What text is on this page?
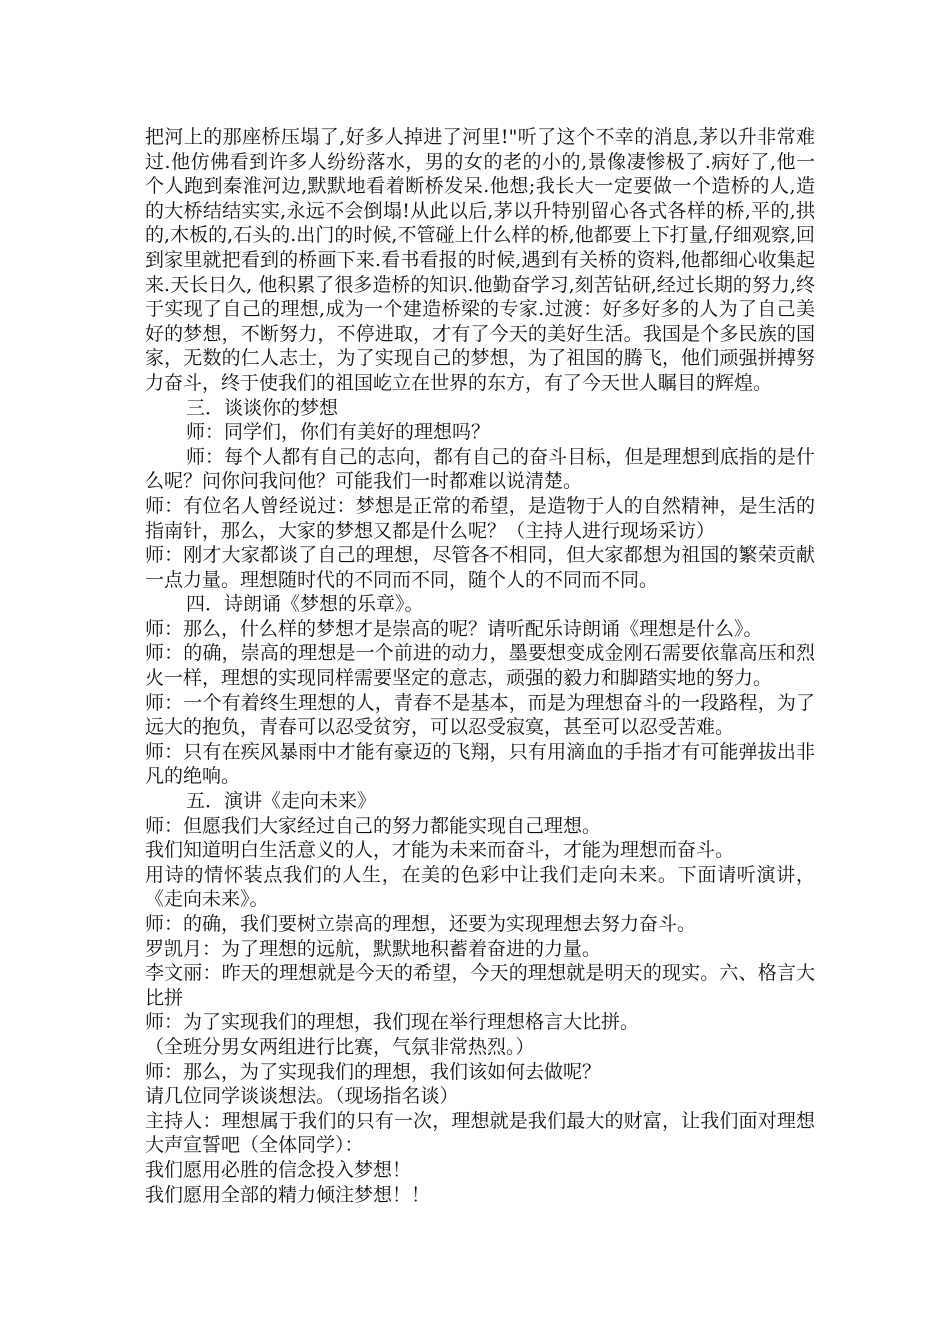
把河上的那座桥压塌了,好多人掉进了河里!"听了这个不幸的消息,茅以升非常难过.他仿佛看到许多人纷纷落水，男的女的老的小的,景像凄惨极了.病好了,他一个人跑到秦淮河边,默默地看着断桥发呆.他想;我长大一定要做一个造桥的人,造的大桥结结实实,永远不会倒塌!从此以后,茅以升特别留心各式各样的桥,平的,拱的,木板的,石头的.出门的时候,不管碰上什么样的桥,他都要上下打量,仔细观察,回到家里就把看到的桥画下来.看书看报的时候,遇到有关桥的资料,他都细心收集起来.天长日久, 他积累了很多造桥的知识.他勤奋学习,刻苦钻研,经过长期的努力,终于实现了自己的理想,成为一个建造桥梁的专家.过渡：好多好多的人为了自己美好的梦想，不断努力，不停进取，才有了今天的美好生活。我国是个多民族的国家，无数的仁人志士，为了实现自己的梦想，为了祖国的腾飞，他们顽强拼搏努力奋斗，终于使我们的祖国屹立在世界的东方，有了今天世人瞩目的辉煌。

三．谈谈你的梦想

师：同学们，你们有美好的理想吗？

师：每个人都有自己的志向，都有自己的奋斗目标，但是理想到底指的是什么呢？问你问我问他？可能我们一时都难以说清楚。

师：有位名人曾经说过：梦想是正常的希望，是造物于人的自然精神，是生活的指南针，那么，大家的梦想又都是什么呢？（主持人进行现场采访）

师：刚才大家都谈了自己的理想，尽管各不相同，但大家都想为祖国的繁荣贡献一点力量。理想随时代的不同而不同，随个人的不同而不同。

四．诗朗诵《梦想的乐章》。

师：那么，什么样的梦想才是崇高的呢？请听配乐诗朗诵《理想是什么》。

师：的确，崇高的理想是一个前进的动力，墨要想变成金刚石需要依靠高压和烈火一样，理想的实现同样需要坚定的意志，顽强的毅力和脚踏实地的努力。

师：一个有着终生理想的人，青春不是基本，而是为理想奋斗的一段路程，为了远大的抱负，青春可以忍受贫穷，可以忍受寂寞，甚至可以忍受苦难。

师：只有在疾风暴雨中才能有豪迈的飞翔，只有用滴血的手指才有可能弹拔出非凡的绝响。

五．演讲《走向未来》

师：但愿我们大家经过自己的努力都能实现自己理想。

我们知道明白生活意义的人，才能为未来而奋斗，才能为理想而奋斗。

用诗的情怀装点我们的人生，在美的色彩中让我们走向未来。下面请听演讲，《走向未来》。

师：的确，我们要树立崇高的理想，还要为实现理想去努力奋斗。

罗凯月：为了理想的远航，默默地积蓄着奋进的力量。

李文丽：昨天的理想就是今天的希望，今天的理想就是明天的现实。六、格言大比拼

师：为了实现我们的理想，我们现在举行理想格言大比拼。

（全班分男女两组进行比赛，气氛非常热烈。）

师：那么，为了实现我们的理想，我们该如何去做呢？

请几位同学谈谈想法。（现场指名谈）

主持人：理想属于我们的只有一次，理想就是我们最大的财富，让我们面对理想大声宣誓吧（全体同学）：

我们愿用必胜的信念投入梦想！

我们愿用全部的精力倾注梦想！！
